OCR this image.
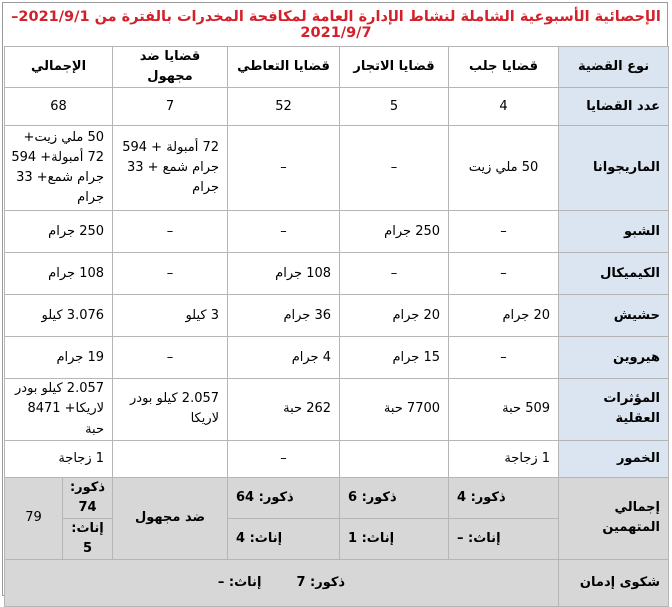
الإحصائية الأسبوعية الشاملة لنشاط الإدارة العامة لمكافحة المخدرات بالفترة من 2021/9/1–2021/9/7
نوع القضية	قضايا جلب	قضايا الاتجار	قضايا التعاطي	قضايا ضد مجهول	الإجمالي	
عدد القضايا	4	5	52	7	68	
الماريجوانا	50 ملي زيت	–	–	72 أمبولة + 594 جرام شمع + 33 جرام	50 ملي زيت+ 72 أمبولة+ 594 جرام شمع+ 33 جرام	
الشبو	–	250 جرام	–	–	250 جرام	
الكيميكال	–	–	108 جرام	–	108 جرام	
حشيش	20 جرام	20 جرام	36 جرام	3 كيلو	3.076 كيلو	
هيروين	–	15 جرام	4 جرام	–	19 جرام	
المؤثرات العقلية	509 حبة	7700 حبة	262 حبة	2.057 كيلو بودر لاريكا	2.057 كيلو بودر لاريكا+ 8471 حبة	
الخمور	1 زجاجة		–		1 زجاجة	
إجمالي المتهمين	ذكور: 4	ذكور: 6	ذكور: 64	ضد مجهول	ذكور: 74	79
	إناث: –	إناث: 1	إناث: 4		إناث: 5	
شكوى إدمان	ذكور: 7  إناث: –					
